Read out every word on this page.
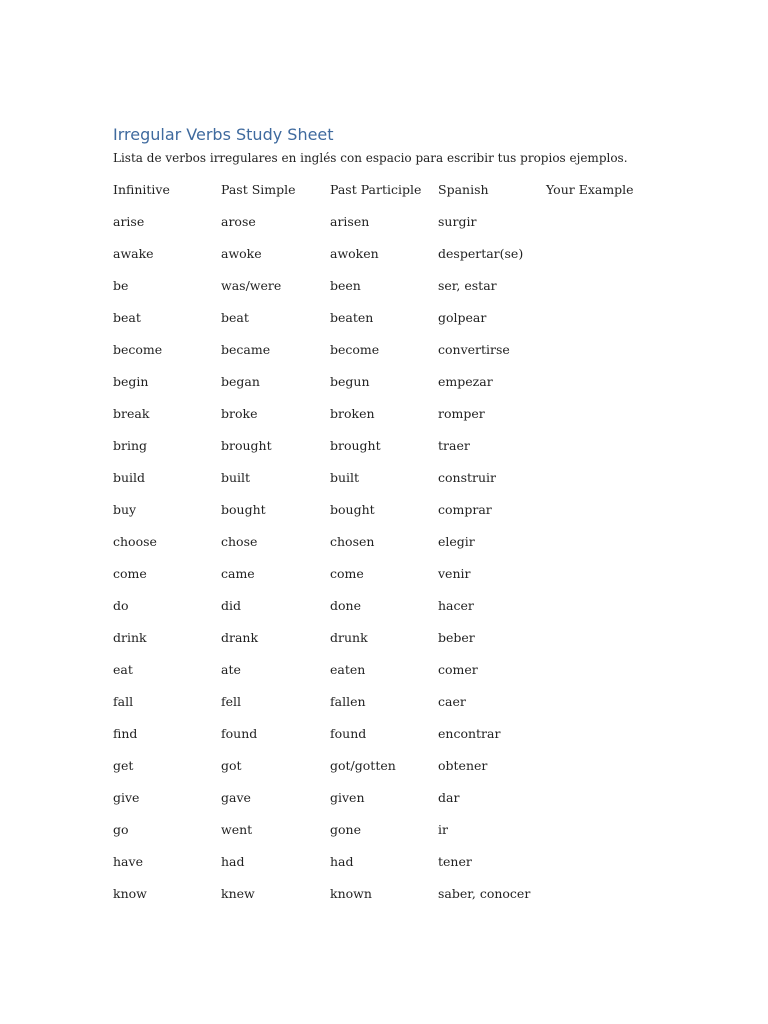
Irregular Verbs Study Sheet
Lista de verbos irregulares en inglés con espacio para escribir tus propios ejemplos.
Infinitive	Past Simple	Past Participle	Spanish	Your Example
arise	arose	arisen	surgir	
awake	awoke	awoken	despertar(se)	
be	was/were	been	ser, estar	
beat	beat	beaten	golpear	
become	became	become	convertirse	
begin	began	begun	empezar	
break	broke	broken	romper	
bring	brought	brought	traer	
build	built	built	construir	
buy	bought	bought	comprar	
choose	chose	chosen	elegir	
come	came	come	venir	
do	did	done	hacer	
drink	drank	drunk	beber	
eat	ate	eaten	comer	
fall	fell	fallen	caer	
find	found	found	encontrar	
get	got	got/gotten	obtener	
give	gave	given	dar	
go	went	gone	ir	
have	had	had	tener	
know	knew	known	saber, conocer	
